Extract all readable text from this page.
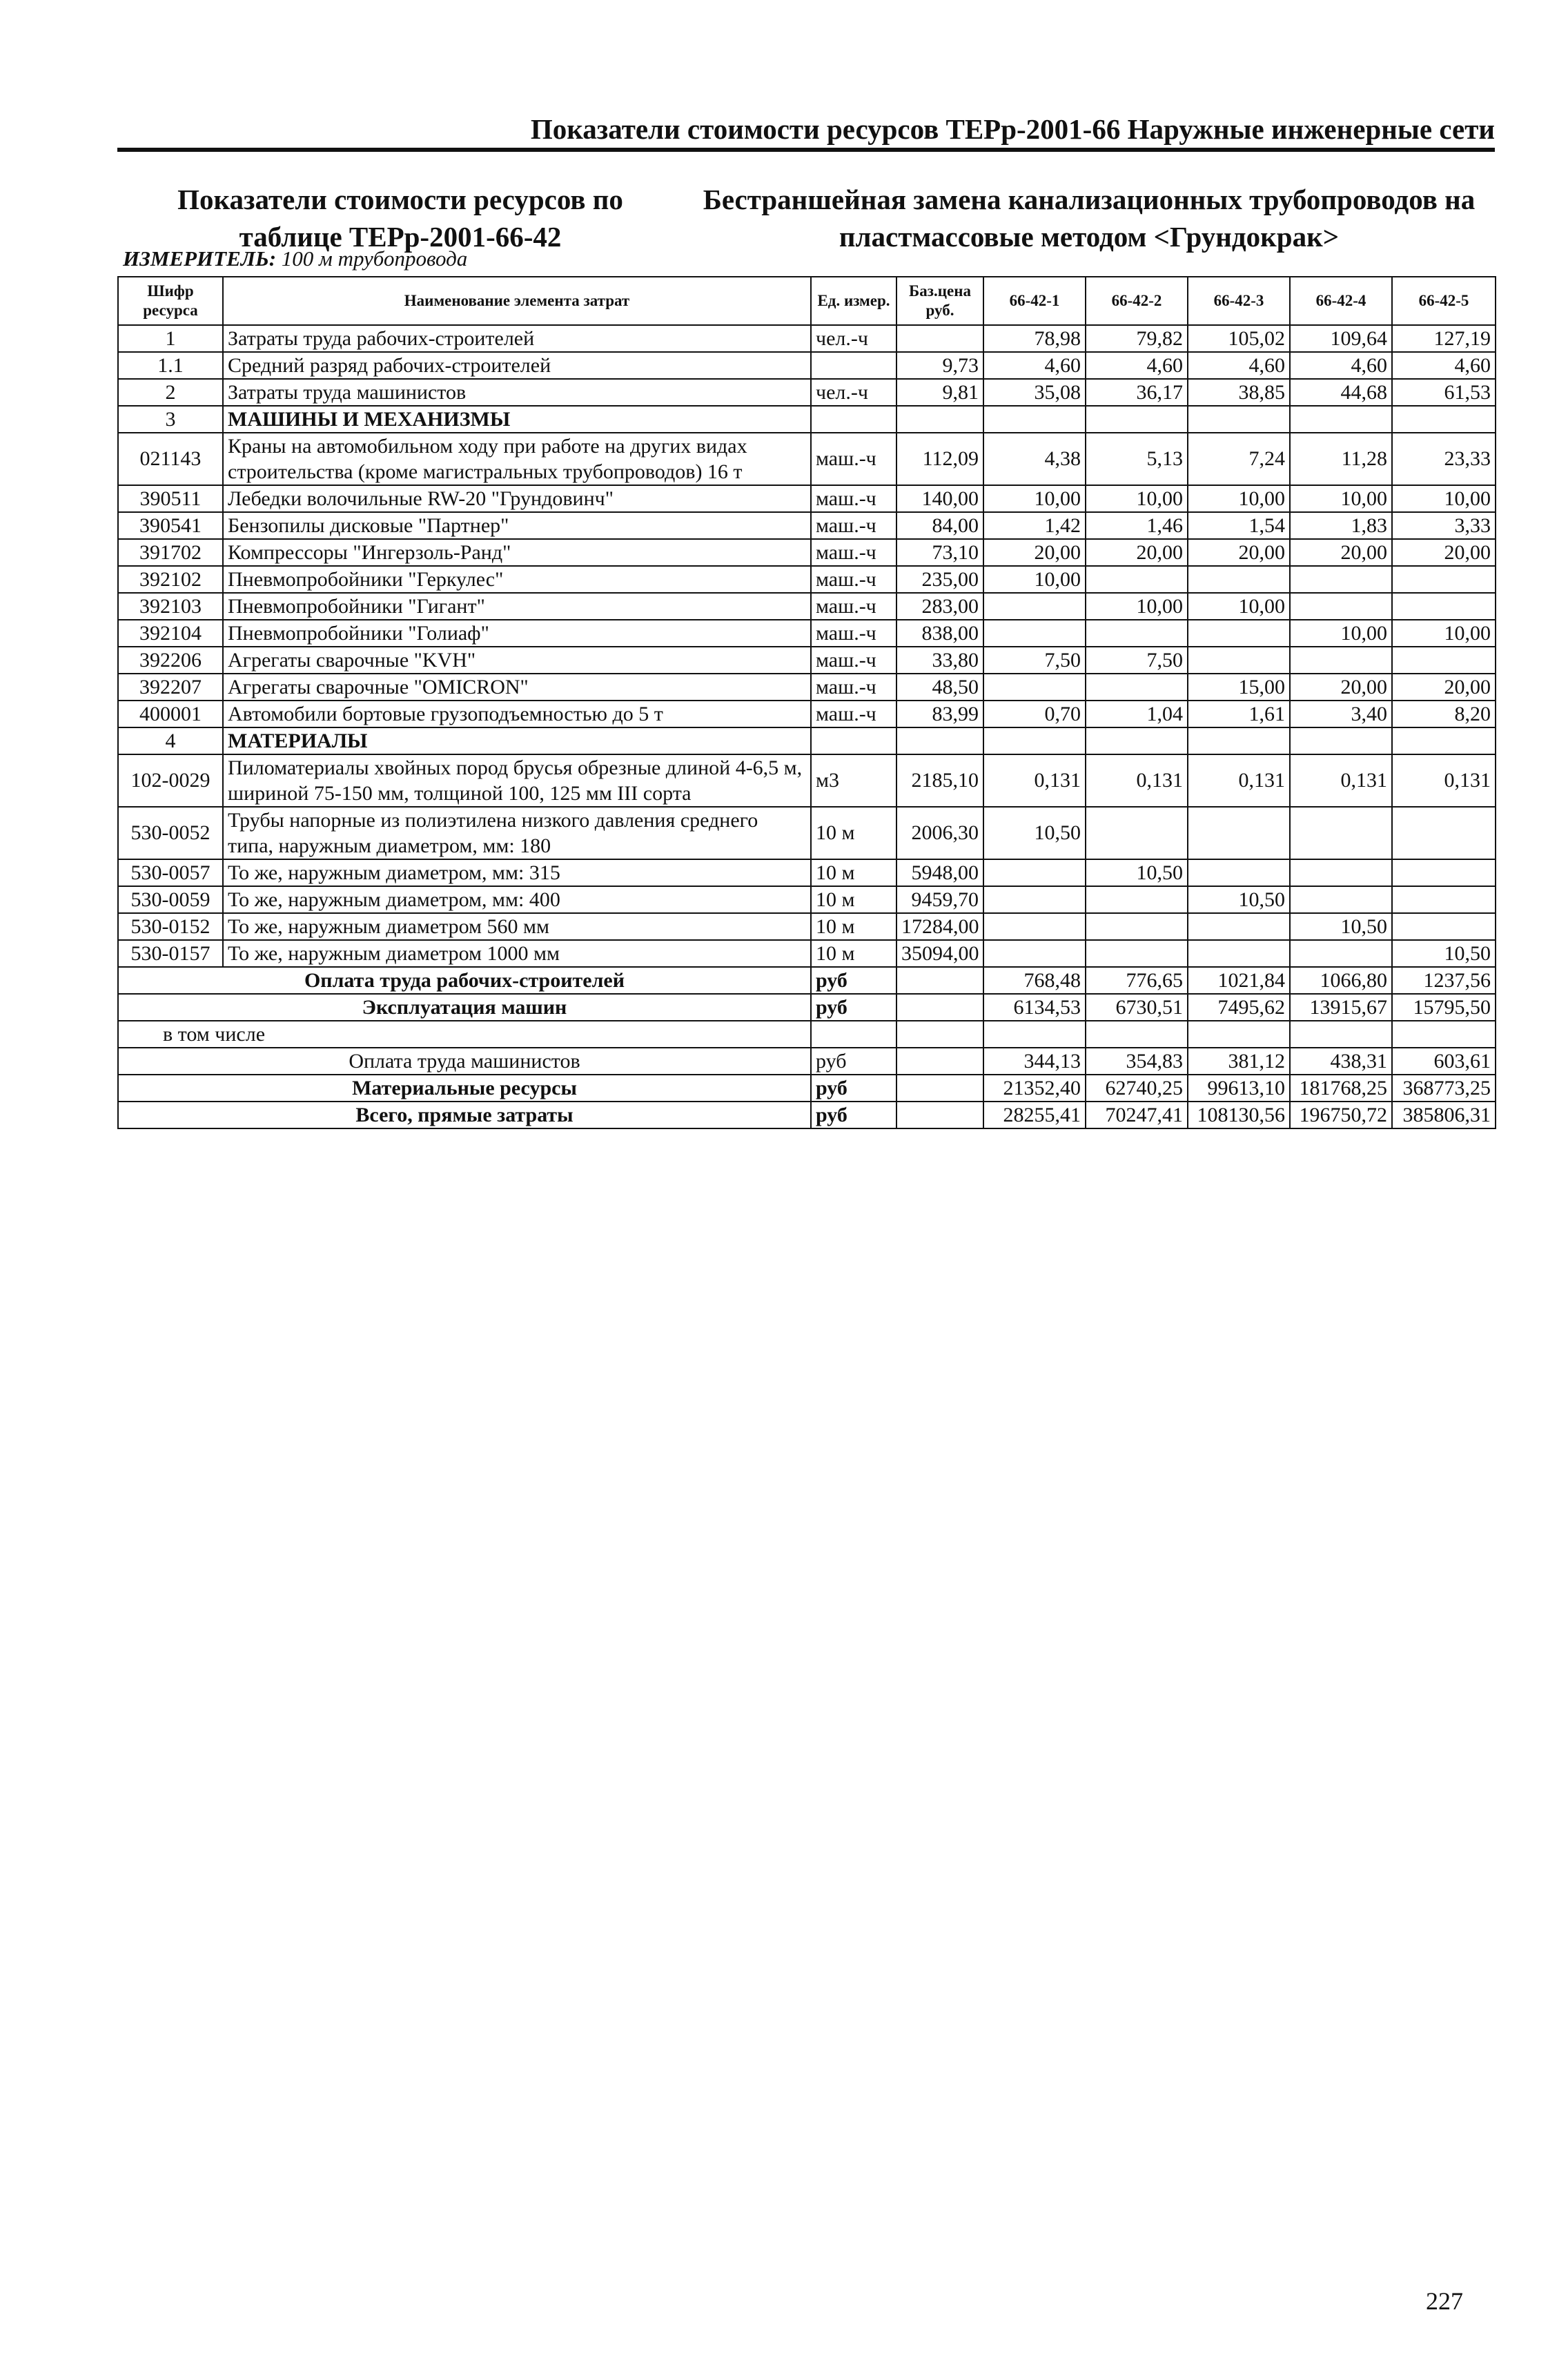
Показатели стоимости ресурсов ТЕРр-2001-66 Наружные инженерные сети
Показатели стоимости ресурсов по
таблице ТЕРр-2001-66-42
Бестраншейная замена канализационных трубопроводов на
пластмассовые методом <Грундокрак>
ИЗМЕРИТЕЛЬ: 100 м трубопровода
Шифр ресурса	Наименование элемента затрат	Ед. измер.	Баз.цена руб.	66-42-1	66-42-2	66-42-3	66-42-4	66-42-5
1	Затраты труда рабочих-строителей	чел.-ч		78,98	79,82	105,02	109,64	127,19
1.1	Средний разряд рабочих-строителей		9,73	4,60	4,60	4,60	4,60	4,60
2	Затраты труда машинистов	чел.-ч	9,81	35,08	36,17	38,85	44,68	61,53
3	МАШИНЫ И МЕХАНИЗМЫ							
021143	Краны на автомобильном ходу при работе на других видах строительства (кроме магистральных трубопроводов) 16 т	маш.-ч	112,09	4,38	5,13	7,24	11,28	23,33
390511	Лебедки волочильные RW-20 "Грундовинч"	маш.-ч	140,00	10,00	10,00	10,00	10,00	10,00
390541	Бензопилы дисковые "Партнер"	маш.-ч	84,00	1,42	1,46	1,54	1,83	3,33
391702	Компрессоры "Ингерзоль-Ранд"	маш.-ч	73,10	20,00	20,00	20,00	20,00	20,00
392102	Пневмопробойники "Геркулес"	маш.-ч	235,00	10,00				
392103	Пневмопробойники "Гигант"	маш.-ч	283,00		10,00	10,00		
392104	Пневмопробойники "Голиаф"	маш.-ч	838,00				10,00	10,00
392206	Агрегаты сварочные "KVH"	маш.-ч	33,80	7,50	7,50			
392207	Агрегаты сварочные "OMICRON"	маш.-ч	48,50			15,00	20,00	20,00
400001	Автомобили бортовые грузоподъемностью до 5 т	маш.-ч	83,99	0,70	1,04	1,61	3,40	8,20
4	МАТЕРИАЛЫ							
102-0029	Пиломатериалы хвойных пород брусья обрезные длиной 4-6,5 м, шириной 75-150 мм, толщиной 100, 125 мм III сорта	м3	2185,10	0,131	0,131	0,131	0,131	0,131
530-0052	Трубы напорные из полиэтилена низкого давления среднего типа, наружным диаметром, мм: 180	10 м	2006,30	10,50				
530-0057	То же, наружным диаметром, мм: 315	10 м	5948,00		10,50			
530-0059	То же, наружным диаметром, мм: 400	10 м	9459,70			10,50		
530-0152	То же, наружным диаметром 560 мм	10 м	17284,00				10,50	
530-0157	То же, наружным диаметром 1000 мм	10 м	35094,00					10,50
Оплата труда рабочих-строителей		руб		768,48	776,65	1021,84	1066,80	1237,56
Эксплуатация машин		руб		6134,53	6730,51	7495,62	13915,67	15795,50
в том числе								
Оплата труда машинистов		руб		344,13	354,83	381,12	438,31	603,61
Материальные ресурсы		руб		21352,40	62740,25	99613,10	181768,25	368773,25
Всего, прямые затраты		руб		28255,41	70247,41	108130,56	196750,72	385806,31
227
